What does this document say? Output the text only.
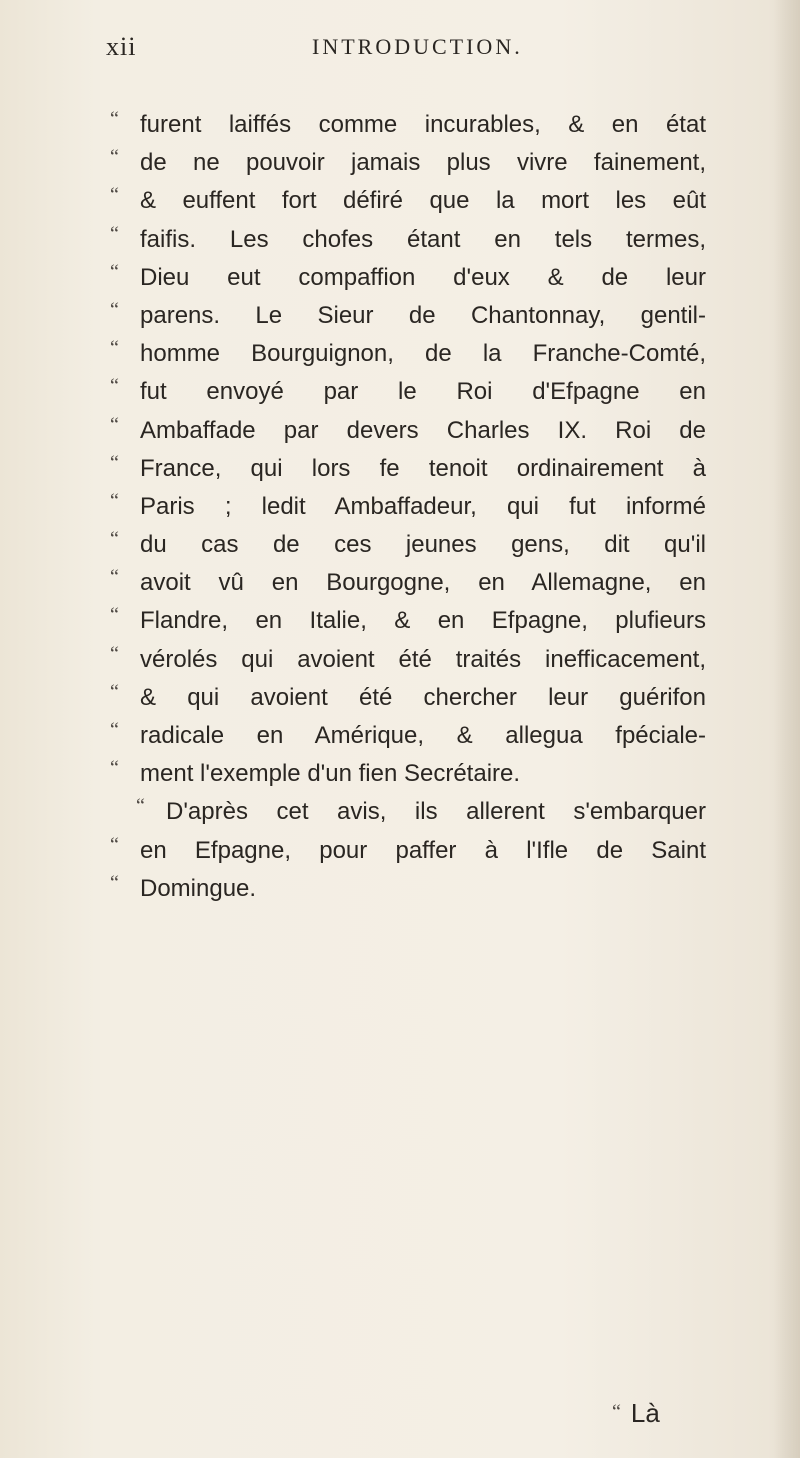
xii	INTRODUCTION.
“ furent laiffés comme incurables, & en état
“ de ne pouvoir jamais plus vivre fainement,
“ & euffent fort défiré que la mort les eût
“ faifis. Les chofes étant en tels termes,
“ Dieu eut compaffion d'eux & de leur
“ parens. Le Sieur de Chantonnay, gentil-
“ homme Bourguignon, de la Franche-Comté,
“ fut envoyé par le Roi d'Efpagne en
“ Ambaffade par devers Charles IX. Roi de
“ France, qui lors fe tenoit ordinairement à
“ Paris ; ledit Ambaffadeur, qui fut informé
“ du cas de ces jeunes gens, dit qu'il
“ avoit vû en Bourgogne, en Allemagne, en
“ Flandre, en Italie, & en Efpagne, plufieurs
“ vérolés qui avoient été traités inefficacement,
“ & qui avoient été chercher leur guérifon
“ radicale en Amérique, & allegua fpéciale-
“ ment l'exemple d'un fien Secrétaire.
“ D'après cet avis, ils allerent s'embarquer
“ en Efpagne, pour paffer à l'Ifle de Saint
“ Domingue.
“ Là
